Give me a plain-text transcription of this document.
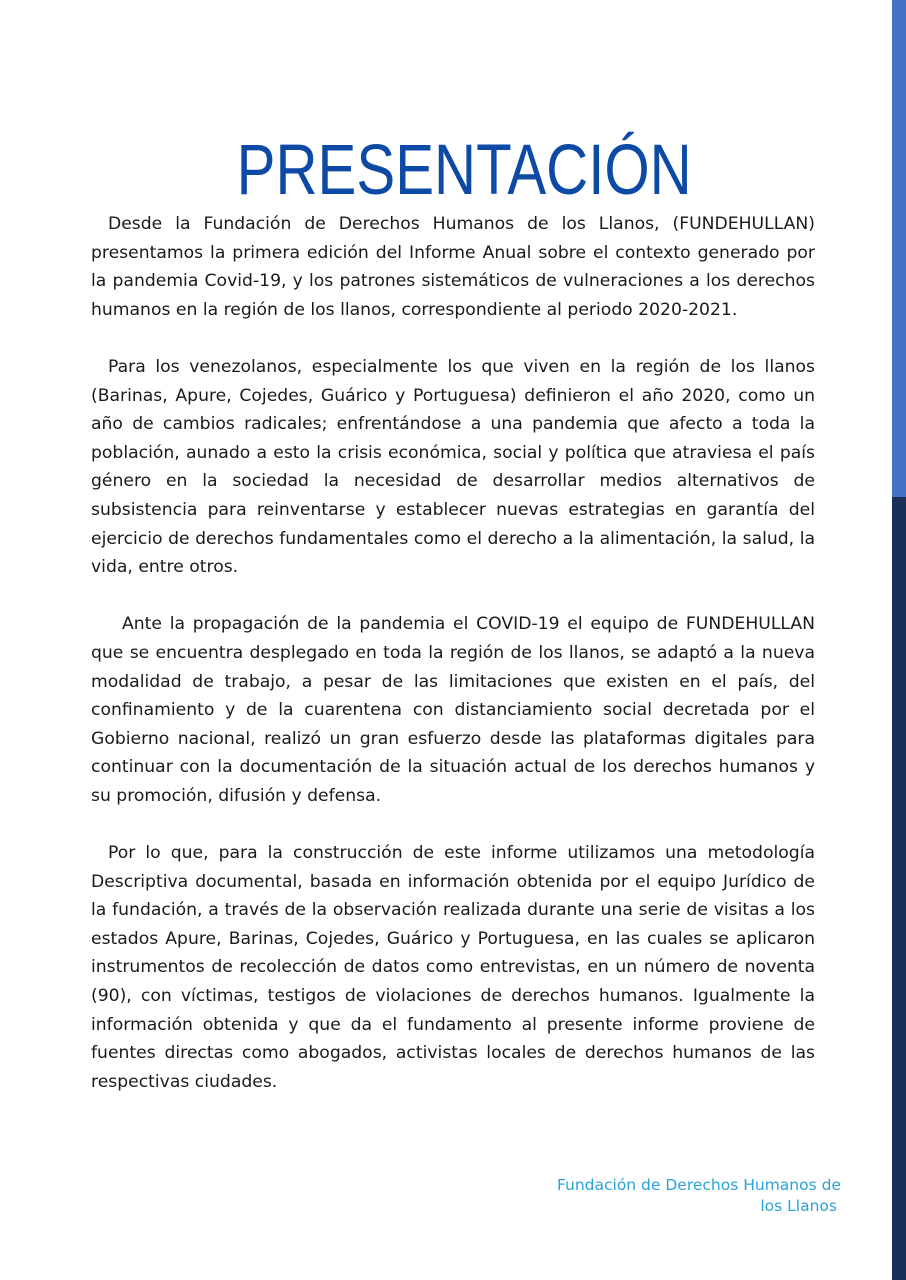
PRESENTACIÓN

Desde la Fundación de Derechos Humanos de los Llanos, (FUNDEHULLAN) presentamos la primera edición del Informe Anual sobre el contexto generado por la pandemia Covid-19, y los patrones sistemáticos de vulneraciones a los derechos humanos en la región de los llanos, correspondiente al periodo 2020-2021.

Para los venezolanos, especialmente los que viven en la región de los llanos (Barinas, Apure, Cojedes, Guárico y Portuguesa) definieron el año 2020, como un año de cambios radicales; enfrentándose a una pandemia que afecto a toda la población, aunado a esto la crisis económica, social y política que atraviesa el país género en la sociedad la necesidad de desarrollar medios alternativos de subsistencia para reinventarse y establecer nuevas estrategias en garantía del ejercicio de derechos fundamentales como el derecho a la alimentación, la salud, la vida, entre otros.

Ante la propagación de la pandemia el COVID-19 el equipo de FUNDEHULLAN que se encuentra desplegado en toda la región de los llanos, se adaptó a la nueva modalidad de trabajo, a pesar de las limitaciones que existen en el país, del confinamiento y de la cuarentena con distanciamiento social decretada por el Gobierno nacional, realizó un gran esfuerzo desde las plataformas digitales para continuar con la documentación de la situación actual de los derechos humanos y su promoción, difusión y defensa.

Por lo que, para la construcción de este informe utilizamos una metodología Descriptiva documental, basada en información obtenida por el equipo Jurídico de la fundación, a través de la observación realizada durante una serie de visitas a los estados Apure, Barinas, Cojedes, Guárico y Portuguesa, en las cuales se aplicaron instrumentos de recolección de datos como entrevistas, en un número de noventa (90), con víctimas, testigos de violaciones de derechos humanos. Igualmente la información obtenida y que da el fundamento al presente informe proviene de fuentes directas como abogados, activistas locales de derechos humanos de las respectivas ciudades.

Fundación de Derechos Humanos de
los Llanos
